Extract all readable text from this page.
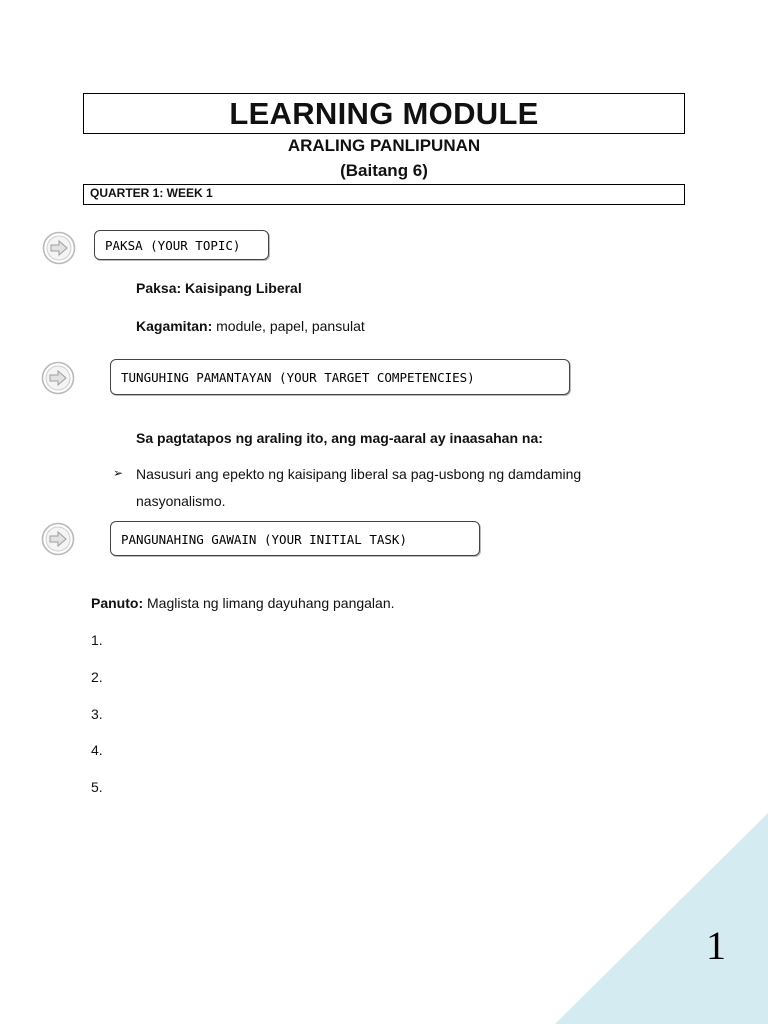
LEARNING MODULE
ARALING PANLIPUNAN
(Baitang 6)
QUARTER 1: WEEK 1
PAKSA (YOUR TOPIC)
Paksa: Kaisipang Liberal
Kagamitan: module, papel, pansulat
TUNGUHING PAMANTAYAN (YOUR TARGET COMPETENCIES)
Sa pagtatapos ng araling ito, ang mag-aaral ay inaasahan na:
➢ Nasusuri ang epekto ng kaisipang liberal sa pag-usbong ng damdaming
nasyonalismo.
PANGUNAHING GAWAIN (YOUR INITIAL TASK)
Panuto: Maglista ng limang dayuhang pangalan.
1.
2.
3.
4.
5.
1
